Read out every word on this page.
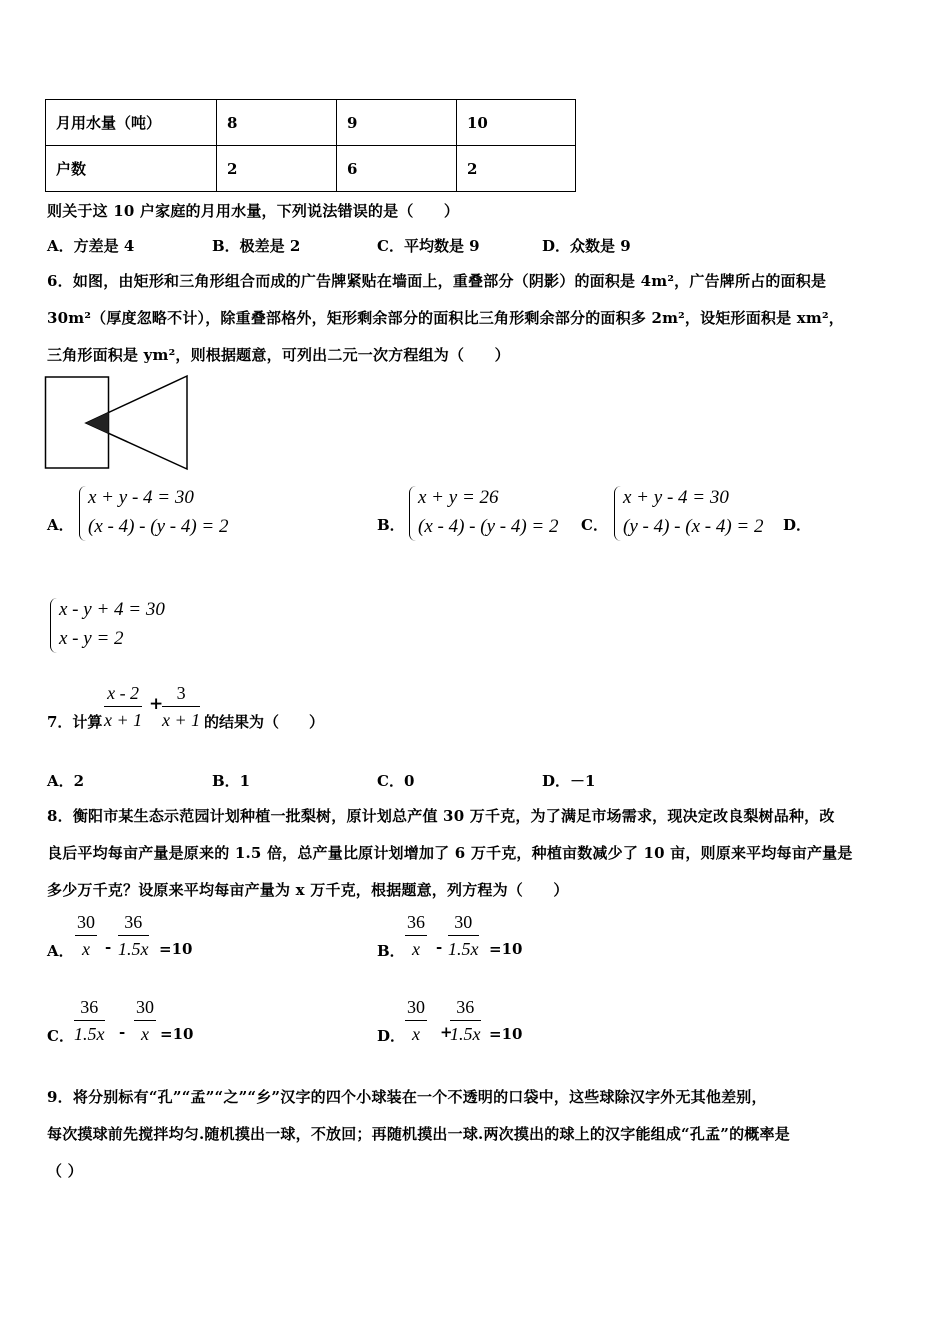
月用水量（吨）	8	9	10
户数	2	6	2
则关于这 10 户家庭的月用水量，下列说法错误的是（　　）
A．方差是 4	B．极差是 2	C．平均数是 9	D．众数是 9
6．如图，由矩形和三角形组合而成的广告牌紧贴在墙面上，重叠部分（阴影）的面积是 4m²，广告牌所占的面积是
30m²（厚度忽略不计），除重叠部格外，矩形剩余部分的面积比三角形剩余部分的面积多 2m²，设矩形面积是 xm²，
三角形面积是 ym²，则根据题意，可列出二元一次方程组为（　　）
A．
x + y - 4 = 30
(x - 4) - (y - 4) = 2	B．
x + y = 26
(x - 4) - (y - 4) = 2 C．
x + y - 4 = 30
(y - 4) - (x - 4) = 2 D．
x - y + 4 = 30
x - y = 2
7．计算 $\frac{x - 2}{x + 1}$ +
$\frac{3}{x + 1}$ 的结果为（　　）
A．2	B．1	C．0	D．－1
8．衡阳市某生态示范园计划种植一批梨树，原计划总产值 30 万千克，为了满足市场需求，现决定改良梨树品种，改
良后平均每亩产量是原来的 1.5 倍，总产量比原计划增加了 6 万千克，种植亩数减少了 10 亩，则原来平均每亩产量是
多少万千克？设原来平均每亩产量为 x 万千克，根据题意，列方程为（　　）
A． $\frac{30}{x} - \frac{36}{1.5x} =10$	B． $\frac{36}{x} - \frac{30}{1.5x} =10$
C． $\frac{36}{1.5x} - \frac{30}{x} =10$	D． $\frac{30}{x}$ +
$\frac{36}{1.5x} =10$
9．将分别标有“孔”“孟”“之”“乡”汉字的四个小球装在一个不透明的口袋中，这些球除汉字外无其他差别，
每次摸球前先搅拌均匀.随机摸出一球，不放回；再随机摸出一球.两次摸出的球上的汉字能组成“孔孟”的概率是
（ ）
